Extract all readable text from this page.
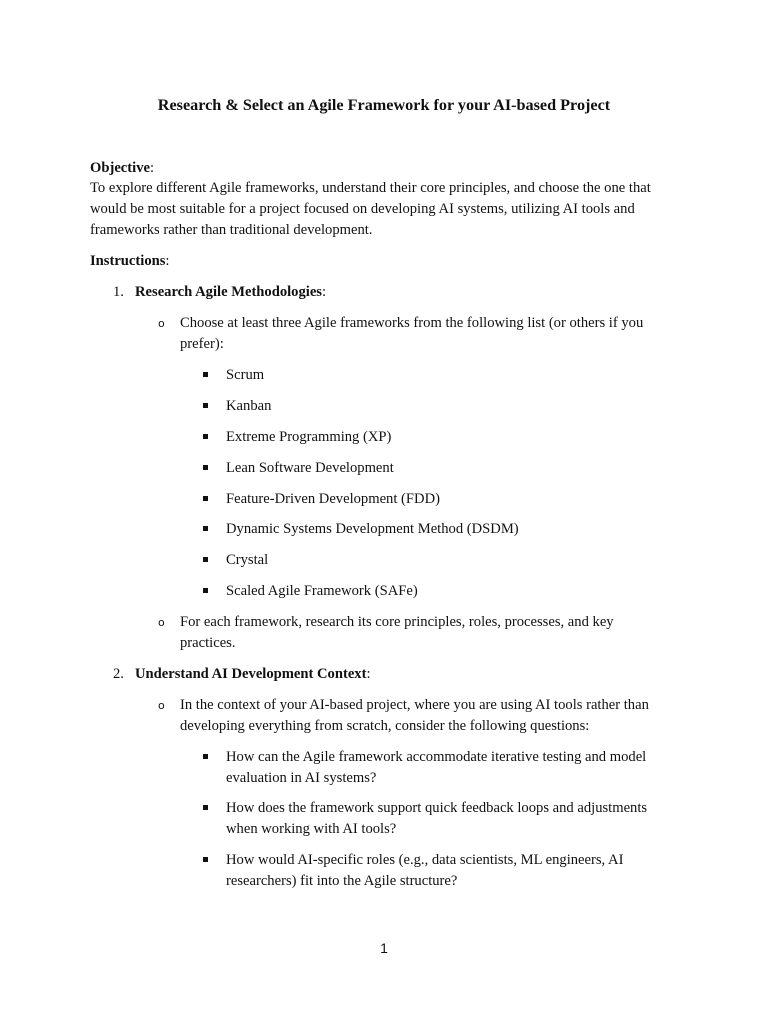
Research & Select an Agile Framework for your AI-based Project
Objective:
To explore different Agile frameworks, understand their core principles, and choose the one that would be most suitable for a project focused on developing AI systems, utilizing AI tools and frameworks rather than traditional development.
Instructions:
1. Research Agile Methodologies:
o Choose at least three Agile frameworks from the following list (or others if you prefer):
Scrum
Kanban
Extreme Programming (XP)
Lean Software Development
Feature-Driven Development (FDD)
Dynamic Systems Development Method (DSDM)
Crystal
Scaled Agile Framework (SAFe)
o For each framework, research its core principles, roles, processes, and key practices.
2. Understand AI Development Context:
o In the context of your AI-based project, where you are using AI tools rather than developing everything from scratch, consider the following questions:
How can the Agile framework accommodate iterative testing and model evaluation in AI systems?
How does the framework support quick feedback loops and adjustments when working with AI tools?
How would AI-specific roles (e.g., data scientists, ML engineers, AI researchers) fit into the Agile structure?
1
